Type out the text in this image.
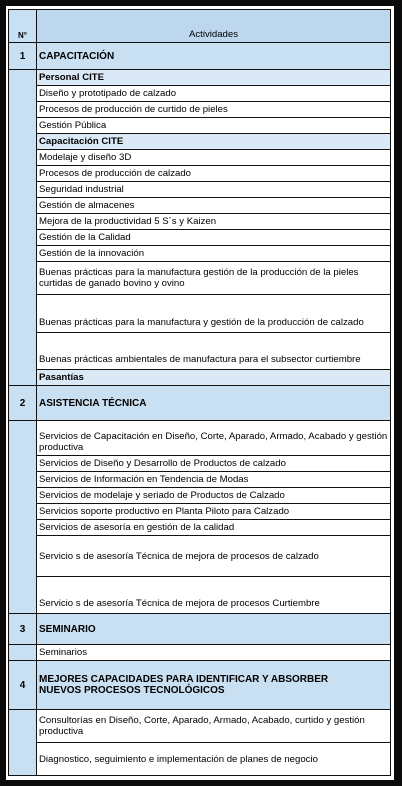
N°	Actividades
1	CAPACITACIÓN
	Personal CITE
	Diseño y prototipado de calzado
	Procesos de producción de curtido de pieles
	Gestión Pública
	Capacitación CITE
	Modelaje y diseño 3D
	Procesos de producción de calzado
	Seguridad industrial
	Gestión de almacenes
	Mejora de la productividad 5 S´s y Kaizen
	Gestión de la Calidad
	Gestión de la innovación
	Buenas prácticas para la manufactura gestión de la producción de la pieles curtidas de ganado bovino y ovino
	Buenas prácticas para la manufactura y gestión de la producción de calzado
	Buenas prácticas ambientales de manufactura para el subsector curtiembre
	Pasantías
2	ASISTENCIA TÉCNICA
	Servicios de Capacitación en Diseño, Corte, Aparado, Armado, Acabado y gestión productiva
	Servicios de Diseño y Desarrollo de Productos de calzado
	Servicios de Información en Tendencia de Modas
	Servicios de modelaje y seriado de Productos de Calzado
	Servicios soporte productivo en Planta Piloto para Calzado
	Servicios de asesoría en gestión de la calidad
	Servicio s de asesoría Técnica de mejora de procesos de calzado
	Servicio s de asesoría Técnica de mejora de procesos Curtiembre
3	SEMINARIO
	Seminarios
4	MEJORES CAPACIDADES PARA IDENTIFICAR Y ABSORBER NUEVOS PROCESOS TECNOLÓGICOS
	Consultorías en Diseño, Corte, Aparado, Armado, Acabado, curtido y gestión productiva
	Diagnostico, seguimiento e implementación de planes de negocio
